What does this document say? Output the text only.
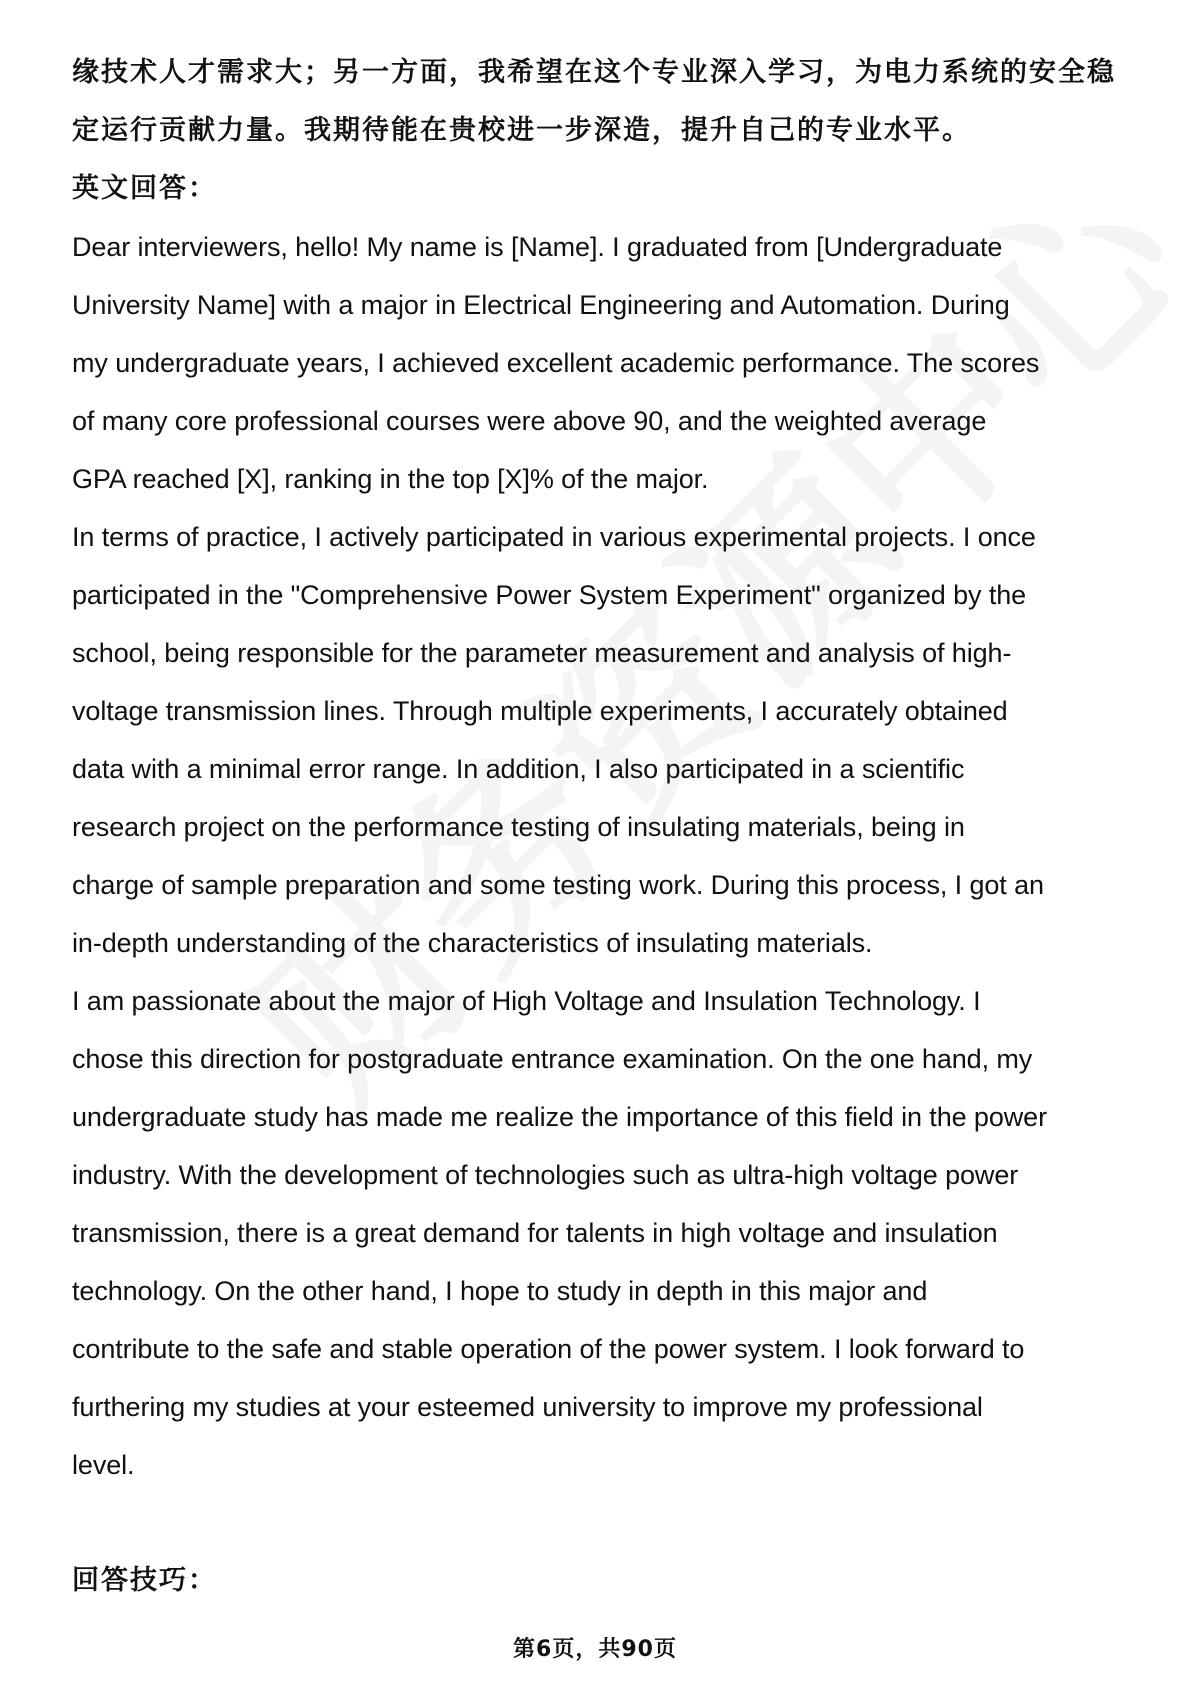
缘技术人才需求大；另一方面，我希望在这个专业深入学习，为电力系统的安全稳
定运行贡献力量。我期待能在贵校进一步深造，提升自己的专业水平。
英文回答：
Dear interviewers, hello! My name is [Name]. I graduated from [Undergraduate
University Name] with a major in Electrical Engineering and Automation. During
my undergraduate years, I achieved excellent academic performance. The scores
of many core professional courses were above 90, and the weighted average
GPA reached [X], ranking in the top [X]% of the major.
In terms of practice, I actively participated in various experimental projects. I once
participated in the "Comprehensive Power System Experiment" organized by the
school, being responsible for the parameter measurement and analysis of high-
voltage transmission lines. Through multiple experiments, I accurately obtained
data with a minimal error range. In addition, I also participated in a scientific
research project on the performance testing of insulating materials, being in
charge of sample preparation and some testing work. During this process, I got an
in-depth understanding of the characteristics of insulating materials.
I am passionate about the major of High Voltage and Insulation Technology. I
chose this direction for postgraduate entrance examination. On the one hand, my
undergraduate study has made me realize the importance of this field in the power
industry. With the development of technologies such as ultra-high voltage power
transmission, there is a great demand for talents in high voltage and insulation
technology. On the other hand, I hope to study in depth in this major and
contribute to the safe and stable operation of the power system. I look forward to
furthering my studies at your esteemed university to improve my professional
level.
回答技巧：
第6页，共90页
